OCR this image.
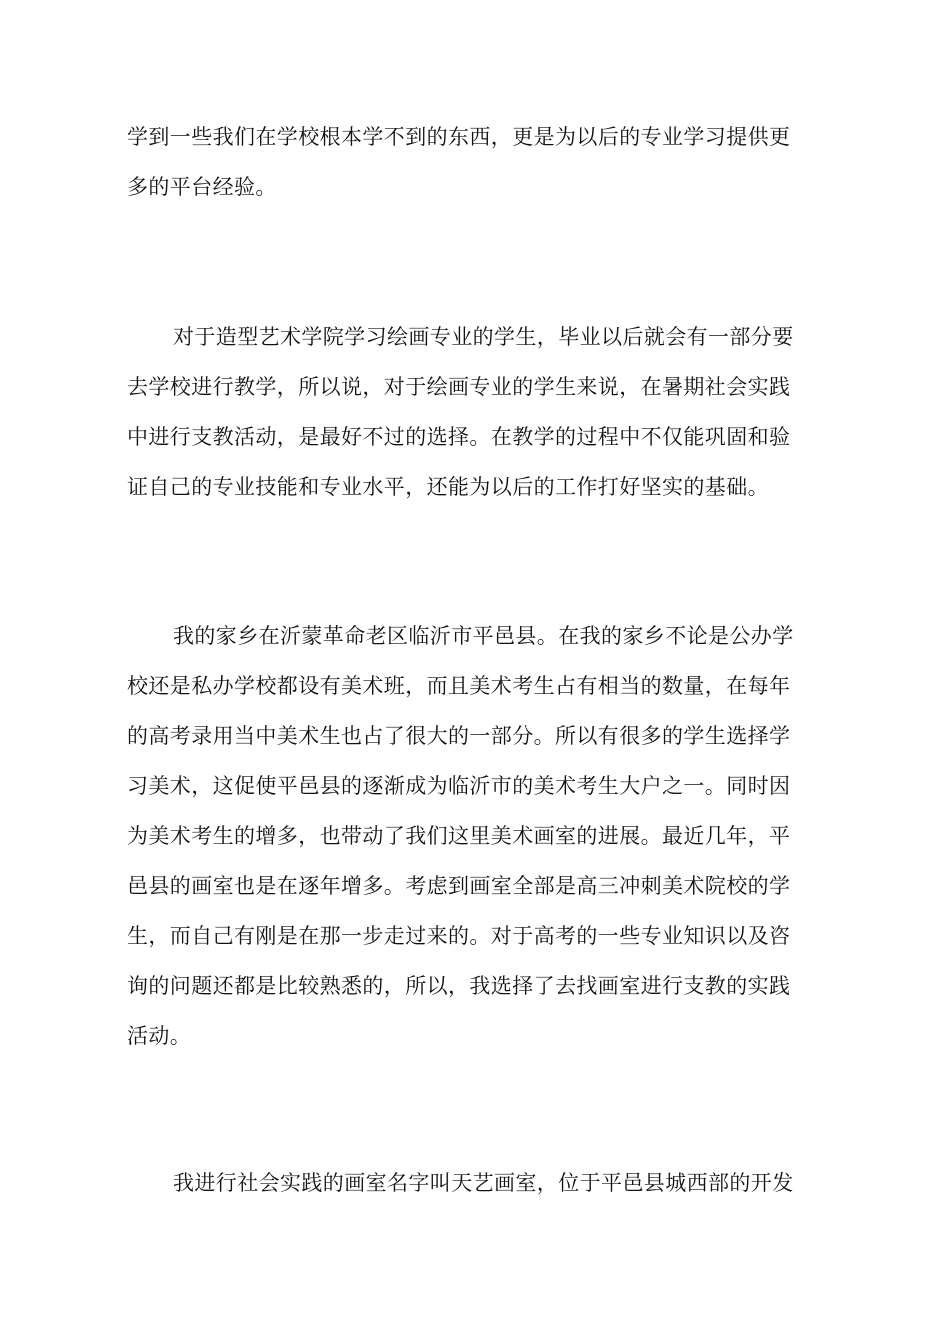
学到一些我们在学校根本学不到的东西，更是为以后的专业学习提供更
多的平台经验。

对于造型艺术学院学习绘画专业的学生，毕业以后就会有一部分要
去学校进行教学，所以说，对于绘画专业的学生来说，在暑期社会实践
中进行支教活动，是最好不过的选择。在教学的过程中不仅能巩固和验
证自己的专业技能和专业水平，还能为以后的工作打好坚实的基础。

我的家乡在沂蒙革命老区临沂市平邑县。在我的家乡不论是公办学
校还是私办学校都设有美术班，而且美术考生占有相当的数量，在每年
的高考录用当中美术生也占了很大的一部分。所以有很多的学生选择学
习美术，这促使平邑县的逐渐成为临沂市的美术考生大户之一。同时因
为美术考生的增多，也带动了我们这里美术画室的进展。最近几年，平
邑县的画室也是在逐年增多。考虑到画室全部是高三冲刺美术院校的学
生，而自己有刚是在那一步走过来的。对于高考的一些专业知识以及咨
询的问题还都是比较熟悉的，所以，我选择了去找画室进行支教的实践
活动。

我进行社会实践的画室名字叫天艺画室，位于平邑县城西部的开发
